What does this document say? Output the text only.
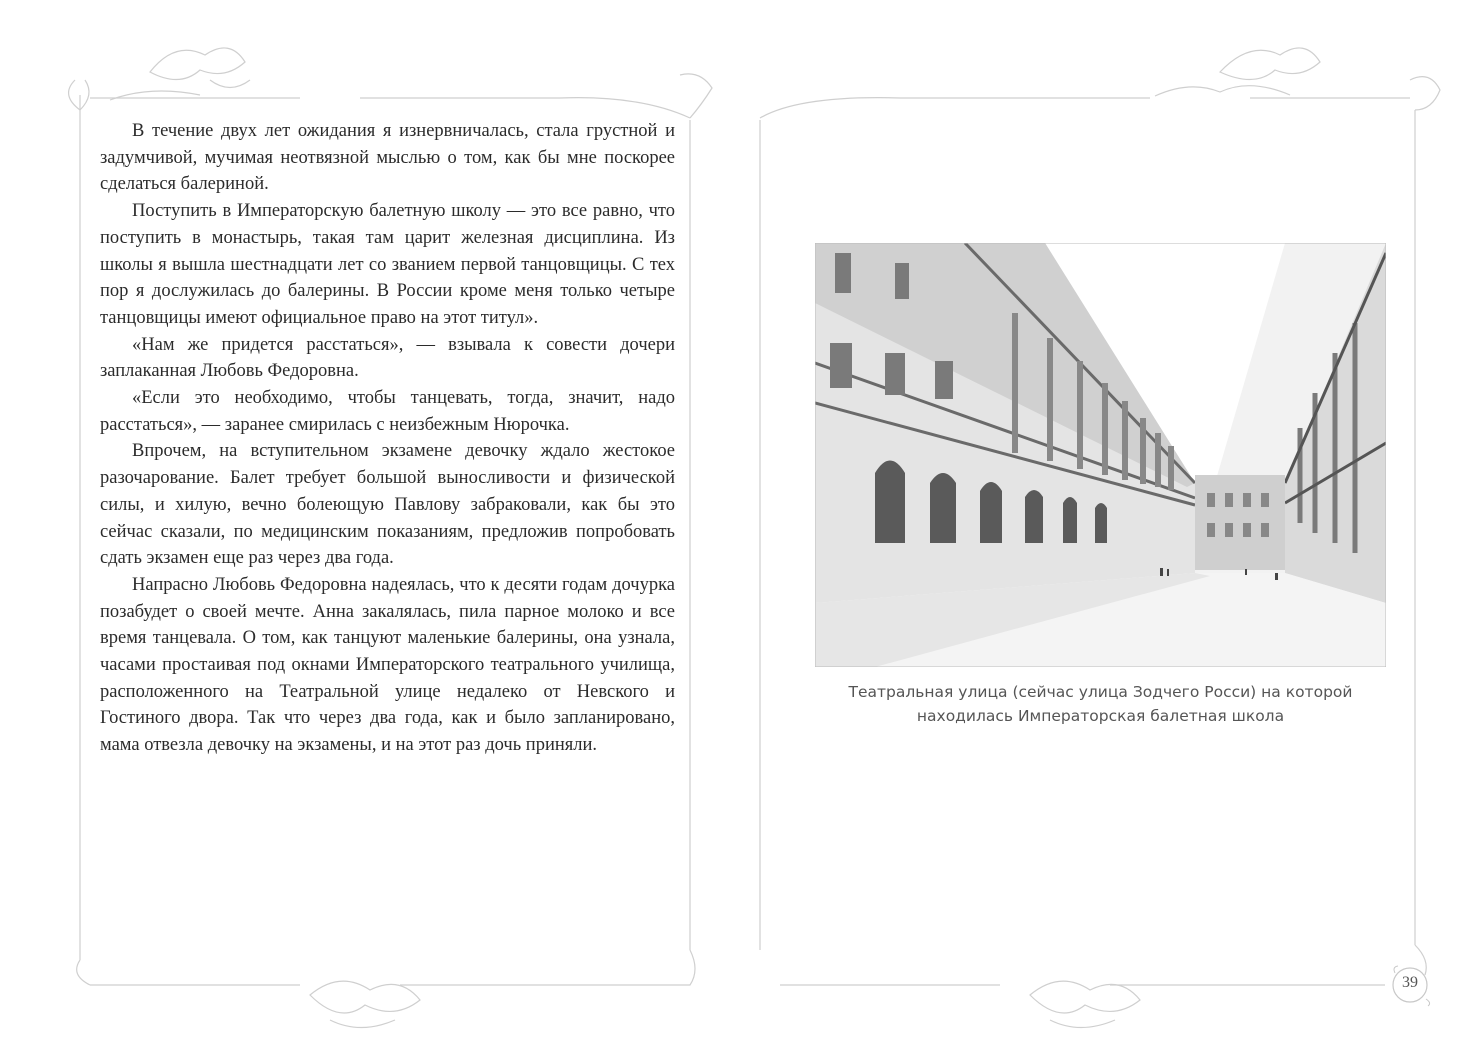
В течение двух лет ожидания я изнервничалась, стала грустной и задумчивой, мучимая неотвязной мыслью о том, как бы мне поскорее сделаться балериной.

Поступить в Императорскую балетную школу — это все равно, что поступить в монастырь, такая там царит железная дисциплина. Из школы я вышла шестнадцати лет со званием первой танцовщицы. С тех пор я дослужилась до балерины. В России кроме меня только четыре танцовщицы имеют официальное право на этот титул».

«Нам же придется расстаться», — взывала к совести дочери заплаканная Любовь Федоровна.

«Если это необходимо, чтобы танцевать, тогда, значит, надо расстаться», — заранее смирилась с неизбежным Нюрочка.

Впрочем, на вступительном экзамене девочку ждало жестокое разочарование. Балет требует большой выносливости и физической силы, и хилую, вечно болеющую Павлову забраковали, как бы это сейчас сказали, по медицинским показаниям, предложив попробовать сдать экзамен еще раз через два года.

Напрасно Любовь Федоровна надеялась, что к десяти годам дочурка позабудет о своей мечте. Анна закалялась, пила парное молоко и все время танцевала. О том, как танцуют маленькие балерины, она узнала, часами простаивая под окнами Императорского театрального училища, расположенного на Театральной улице недалеко от Невского и Гостиного двора. Так что через два года, как и было запланировано, мама отвезла девочку на экзамены, и на этот раз дочь приняли.

Театральная улица (сейчас улица Зодчего Росси) на которой
находилась Императорская балетная школа
39
